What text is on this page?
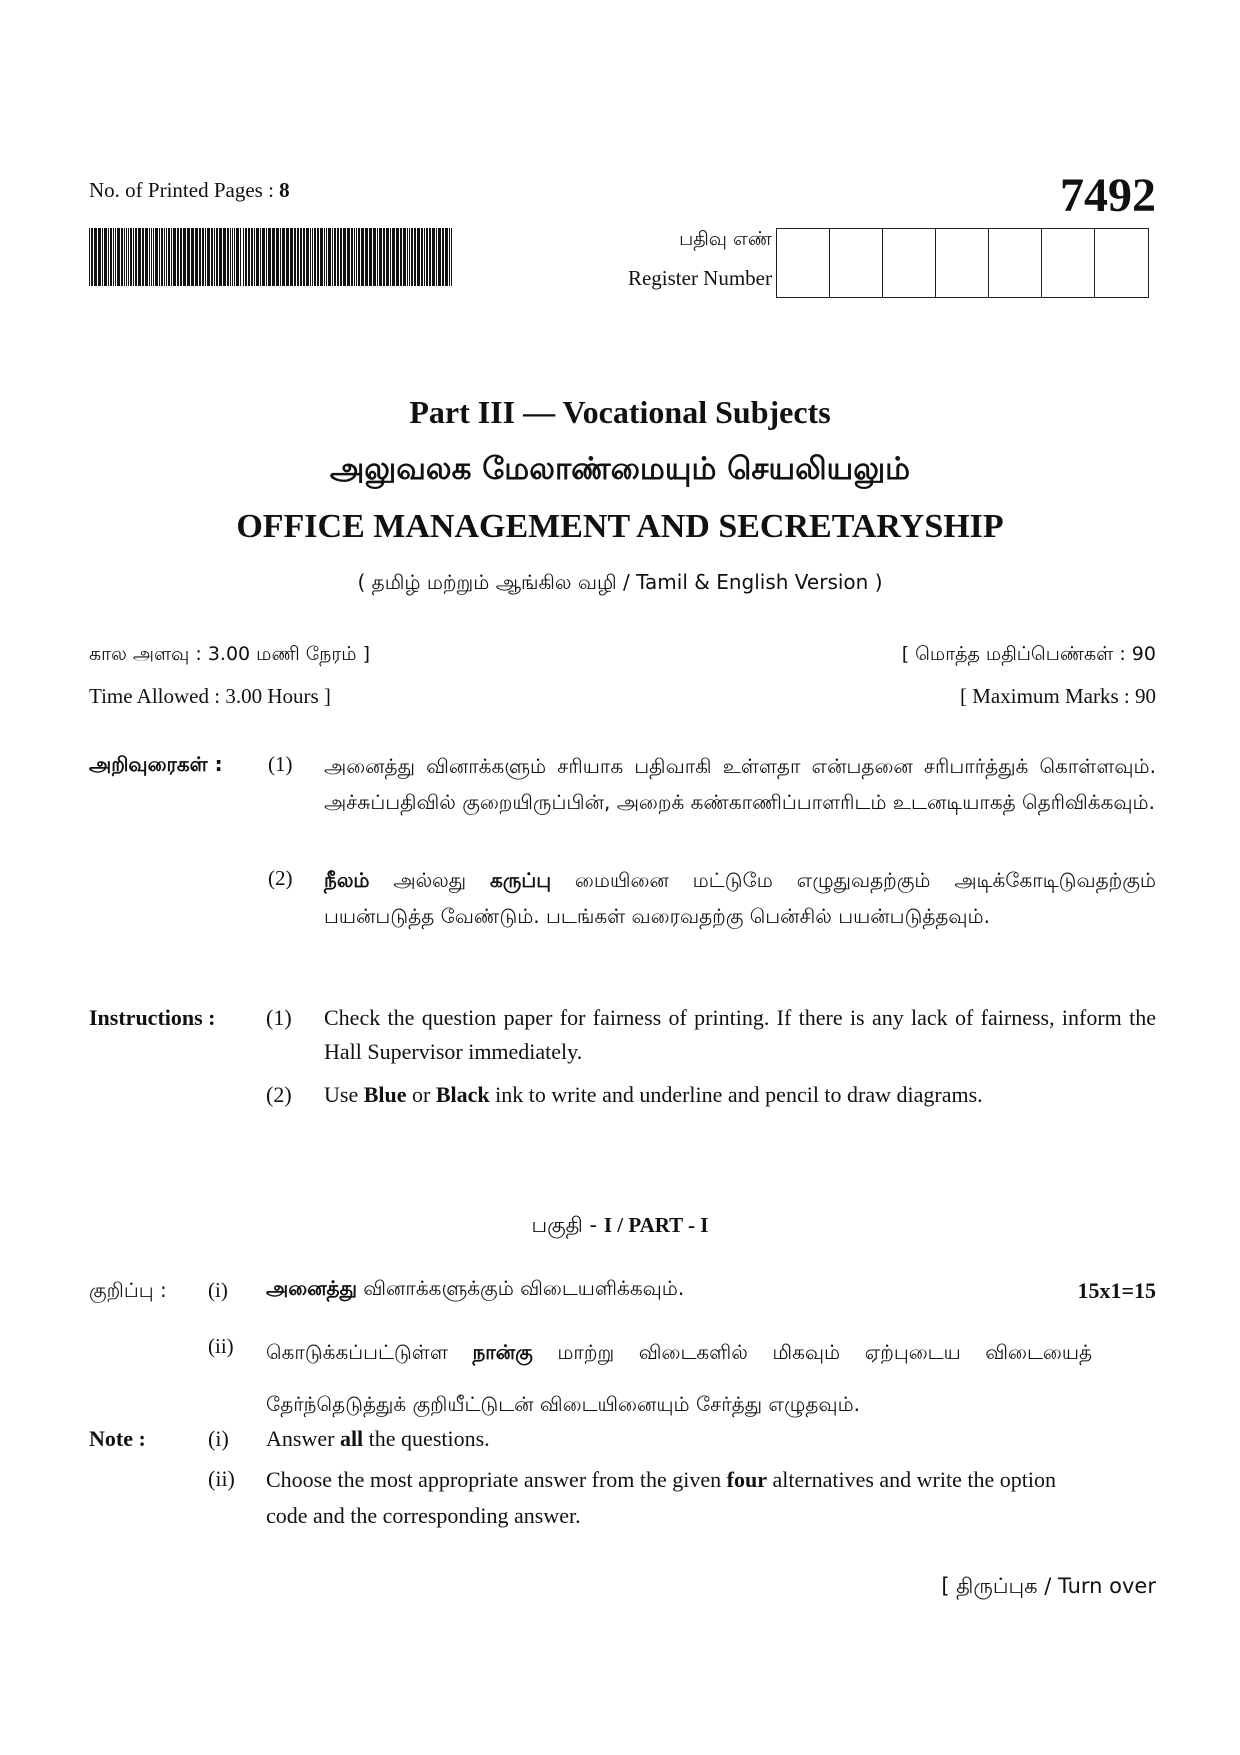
No. of Printed Pages : 8	7492
பதிவு எண்
Register Number
Part III — Vocational Subjects
அலுவலக மேலாண்மையும் செயலியலும்
OFFICE MANAGEMENT AND SECRETARYSHIP
( தமிழ் மற்றும் ஆங்கில வழி / Tamil & English Version )
கால அளவு : 3.00 மணி நேரம் ]	[ மொத்த மதிப்பெண்கள் : 90
Time Allowed : 3.00 Hours ]	[ Maximum Marks : 90
அறிவுரைகள் : (1) அனைத்து வினாக்களும் சரியாக பதிவாகி உள்ளதா என்பதனை சரிபார்த்துக் கொள்ளவும். அச்சுப்பதிவில் குறையிருப்பின், அறைக் கண்காணிப்பாளரிடம் உடனடியாகத் தெரிவிக்கவும்.
(2) நீலம் அல்லது கருப்பு மையினை மட்டுமே எழுதுவதற்கும் அடிக்கோடிடுவதற்கும் பயன்படுத்த வேண்டும். படங்கள் வரைவதற்கு பென்சில் பயன்படுத்தவும்.
Instructions : (1) Check the question paper for fairness of printing. If there is any lack of fairness, inform the Hall Supervisor immediately.
(2) Use Blue or Black ink to write and underline and pencil to draw diagrams.
பகுதி - I / PART - I
குறிப்பு : (i) அனைத்து வினாக்களுக்கும் விடையளிக்கவும்.	15x1=15
(ii) கொடுக்கப்பட்டுள்ள நான்கு மாற்று விடைகளில் மிகவும் ஏற்புடைய விடையைத் தேர்ந்தெடுத்துக் குறியீட்டுடன் விடையினையும் சேர்த்து எழுதவும்.
Note :	(i) Answer all the questions.
(ii) Choose the most appropriate answer from the given four alternatives and write the option code and the corresponding answer.
[ திருப்புக / Turn over
